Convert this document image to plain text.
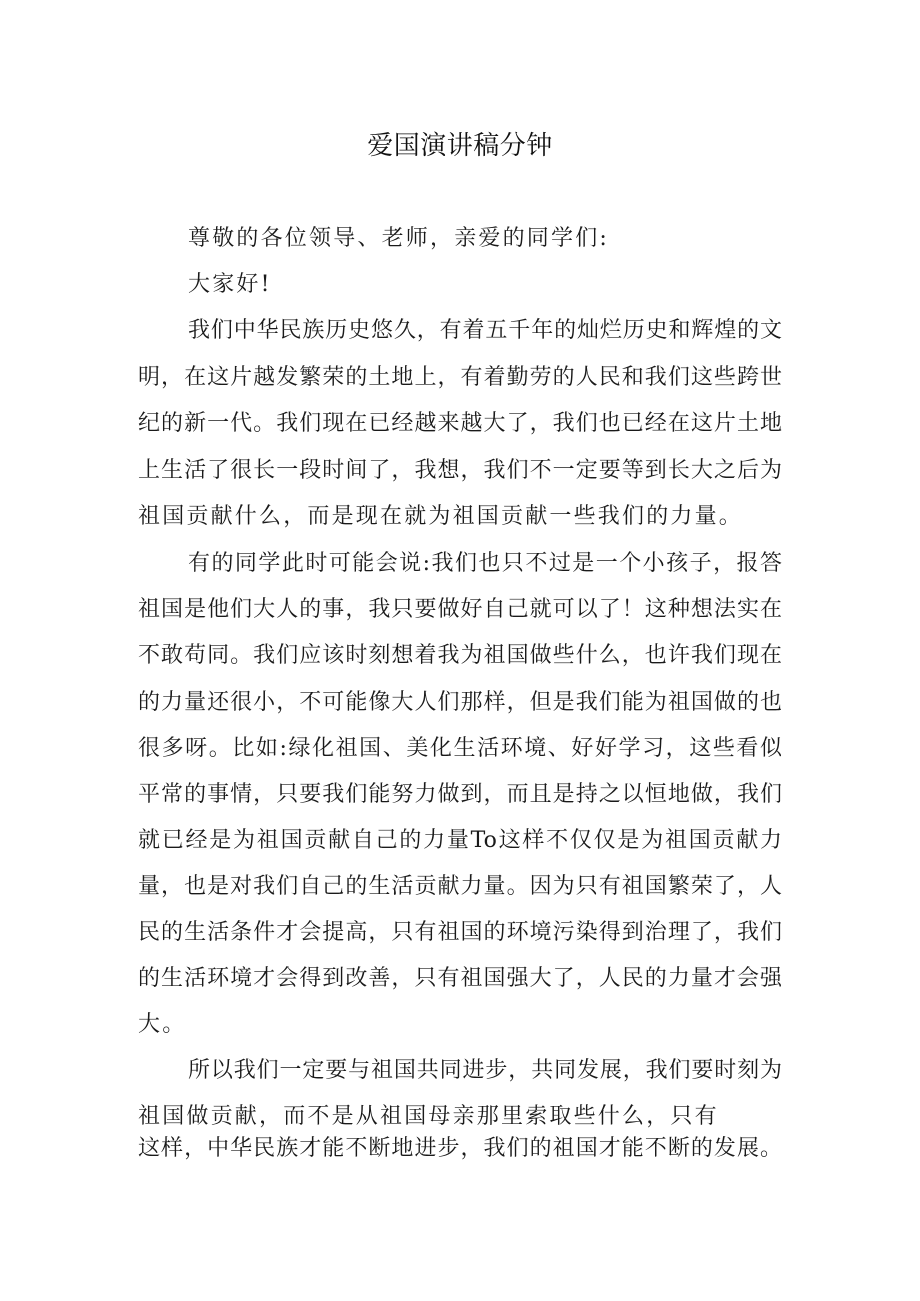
爱国演讲稿分钟
尊敬的各位领导、老师，亲爱的同学们:
大家好!
我们中华民族历史悠久，有着五千年的灿烂历史和辉煌的文
明，在这片越发繁荣的土地上，有着勤劳的人民和我们这些跨世
纪的新一代。我们现在已经越来越大了，我们也已经在这片土地
上生活了很长一段时间了，我想，我们不一定要等到长大之后为
祖国贡献什么，而是现在就为祖国贡献一些我们的力量。
有的同学此时可能会说:我们也只不过是一个小孩子，报答
祖国是他们大人的事，我只要做好自己就可以了！这种想法实在
不敢苟同。我们应该时刻想着我为祖国做些什么，也许我们现在
的力量还很小，不可能像大人们那样，但是我们能为祖国做的也
很多呀。比如:绿化祖国、美化生活环境、好好学习，这些看似
平常的事情，只要我们能努力做到，而且是持之以恒地做，我们
就已经是为祖国贡献自己的力量To这样不仅仅是为祖国贡献力
量，也是对我们自己的生活贡献力量。因为只有祖国繁荣了，人
民的生活条件才会提高，只有祖国的环境污染得到治理了，我们
的生活环境才会得到改善，只有祖国强大了，人民的力量才会强
大。
所以我们一定要与祖国共同进步，共同发展，我们要时刻为
祖国做贡献，而不是从祖国母亲那里索取些什么，只有
这样，中华民族才能不断地进步，我们的祖国才能不断的发展。
